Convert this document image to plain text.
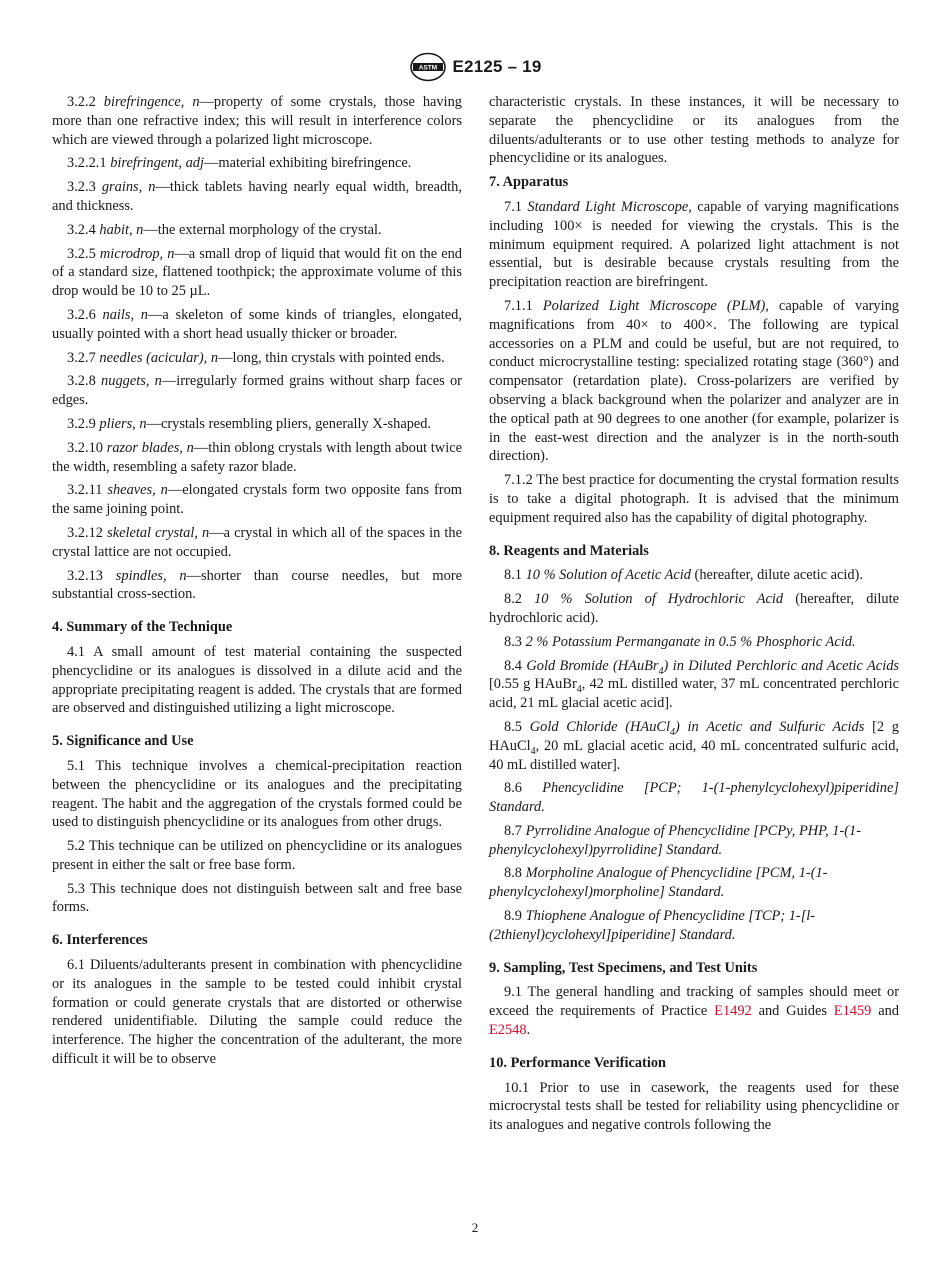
ASTM E2125 – 19

3.2.2 birefringence, n—property of some crystals, those having more than one refractive index; this will result in interference colors which are viewed through a polarized light microscope.

3.2.2.1 birefringent, adj—material exhibiting birefringence.

3.2.3 grains, n—thick tablets having nearly equal width, breadth, and thickness.

3.2.4 habit, n—the external morphology of the crystal.

3.2.5 microdrop, n—a small drop of liquid that would fit on the end of a standard size, flattened toothpick; the approximate volume of this drop would be 10 to 25 µL.

3.2.6 nails, n—a skeleton of some kinds of triangles, elongated, usually pointed with a short head usually thicker or broader.

3.2.7 needles (acicular), n—long, thin crystals with pointed ends.

3.2.8 nuggets, n—irregularly formed grains without sharp faces or edges.

3.2.9 pliers, n—crystals resembling pliers, generally X-shaped.

3.2.10 razor blades, n—thin oblong crystals with length about twice the width, resembling a safety razor blade.

3.2.11 sheaves, n—elongated crystals form two opposite fans from the same joining point.

3.2.12 skeletal crystal, n—a crystal in which all of the spaces in the crystal lattice are not occupied.

3.2.13 spindles, n—shorter than course needles, but more substantial cross-section.

4. Summary of the Technique

4.1 A small amount of test material containing the suspected phencyclidine or its analogues is dissolved in a dilute acid and the appropriate precipitating reagent is added. The crystals that are formed are observed and distinguished utilizing a light microscope.

5. Significance and Use

5.1 This technique involves a chemical-precipitation reaction between the phencyclidine or its analogues and the precipitating reagent. The habit and the aggregation of the crystals formed could be used to distinguish phencyclidine or its analogues from other drugs.

5.2 This technique can be utilized on phencyclidine or its analogues present in either the salt or free base form.

5.3 This technique does not distinguish between salt and free base forms.

6. Interferences

6.1 Diluents/adulterants present in combination with phencyclidine or its analogues in the sample to be tested could inhibit crystal formation or could generate crystals that are distorted or otherwise rendered unidentifiable. Diluting the sample could reduce the interference. The higher the concentration of the adulterant, the more difficult it will be to observe

characteristic crystals. In these instances, it will be necessary to separate the phencyclidine or its analogues from the diluents/adulterants or to use other testing methods to analyze for phencyclidine or its analogues.

7. Apparatus

7.1 Standard Light Microscope, capable of varying magnifications including 100× is needed for viewing the crystals. This is the minimum equipment required. A polarized light attachment is not essential, but is desirable because crystals resulting from the precipitation reaction are birefringent.

7.1.1 Polarized Light Microscope (PLM), capable of varying magnifications from 40× to 400×. The following are typical accessories on a PLM and could be useful, but are not required, to conduct microcrystalline testing: specialized rotating stage (360°) and compensator (retardation plate). Cross-polarizers are verified by observing a black background when the polarizer and analyzer are in the optical path at 90 degrees to one another (for example, polarizer is in the east-west direction and the analyzer is in the north-south direction).

7.1.2 The best practice for documenting the crystal formation results is to take a digital photograph. It is advised that the minimum equipment required also has the capability of digital photography.

8. Reagents and Materials

8.1 10 % Solution of Acetic Acid (hereafter, dilute acetic acid).

8.2 10 % Solution of Hydrochloric Acid (hereafter, dilute hydrochloric acid).

8.3 2 % Potassium Permanganate in 0.5 % Phosphoric Acid.

8.4 Gold Bromide (HAuBr$_4$) in Diluted Perchloric and Acetic Acids [0.55 g HAuBr$_4$, 42 mL distilled water, 37 mL concentrated perchloric acid, 21 mL glacial acetic acid].

8.5 Gold Chloride (HAuCl$_4$) in Acetic and Sulfuric Acids [2 g HAuCl$_4$, 20 mL glacial acetic acid, 40 mL concentrated sulfuric acid, 40 mL distilled water].

8.6 Phencyclidine [PCP; 1-(1-phenylcyclohexyl)piperidine] Standard.

8.7 Pyrrolidine Analogue of Phencyclidine [PCPy, PHP, 1-(1-phenylcyclohexyl)pyrrolidine] Standard.

8.8 Morpholine Analogue of Phencyclidine [PCM, 1-(1-phenylcyclohexyl)morpholine] Standard.

8.9 Thiophene Analogue of Phencyclidine [TCP; 1-[l-(2thienyl)cyclohexyl]piperidine] Standard.

9. Sampling, Test Specimens, and Test Units

9.1 The general handling and tracking of samples should meet or exceed the requirements of Practice E1492 and Guides E1459 and E2548.

10. Performance Verification

10.1 Prior to use in casework, the reagents used for these microcrystal tests shall be tested for reliability using phencyclidine or its analogues and negative controls following the

2
